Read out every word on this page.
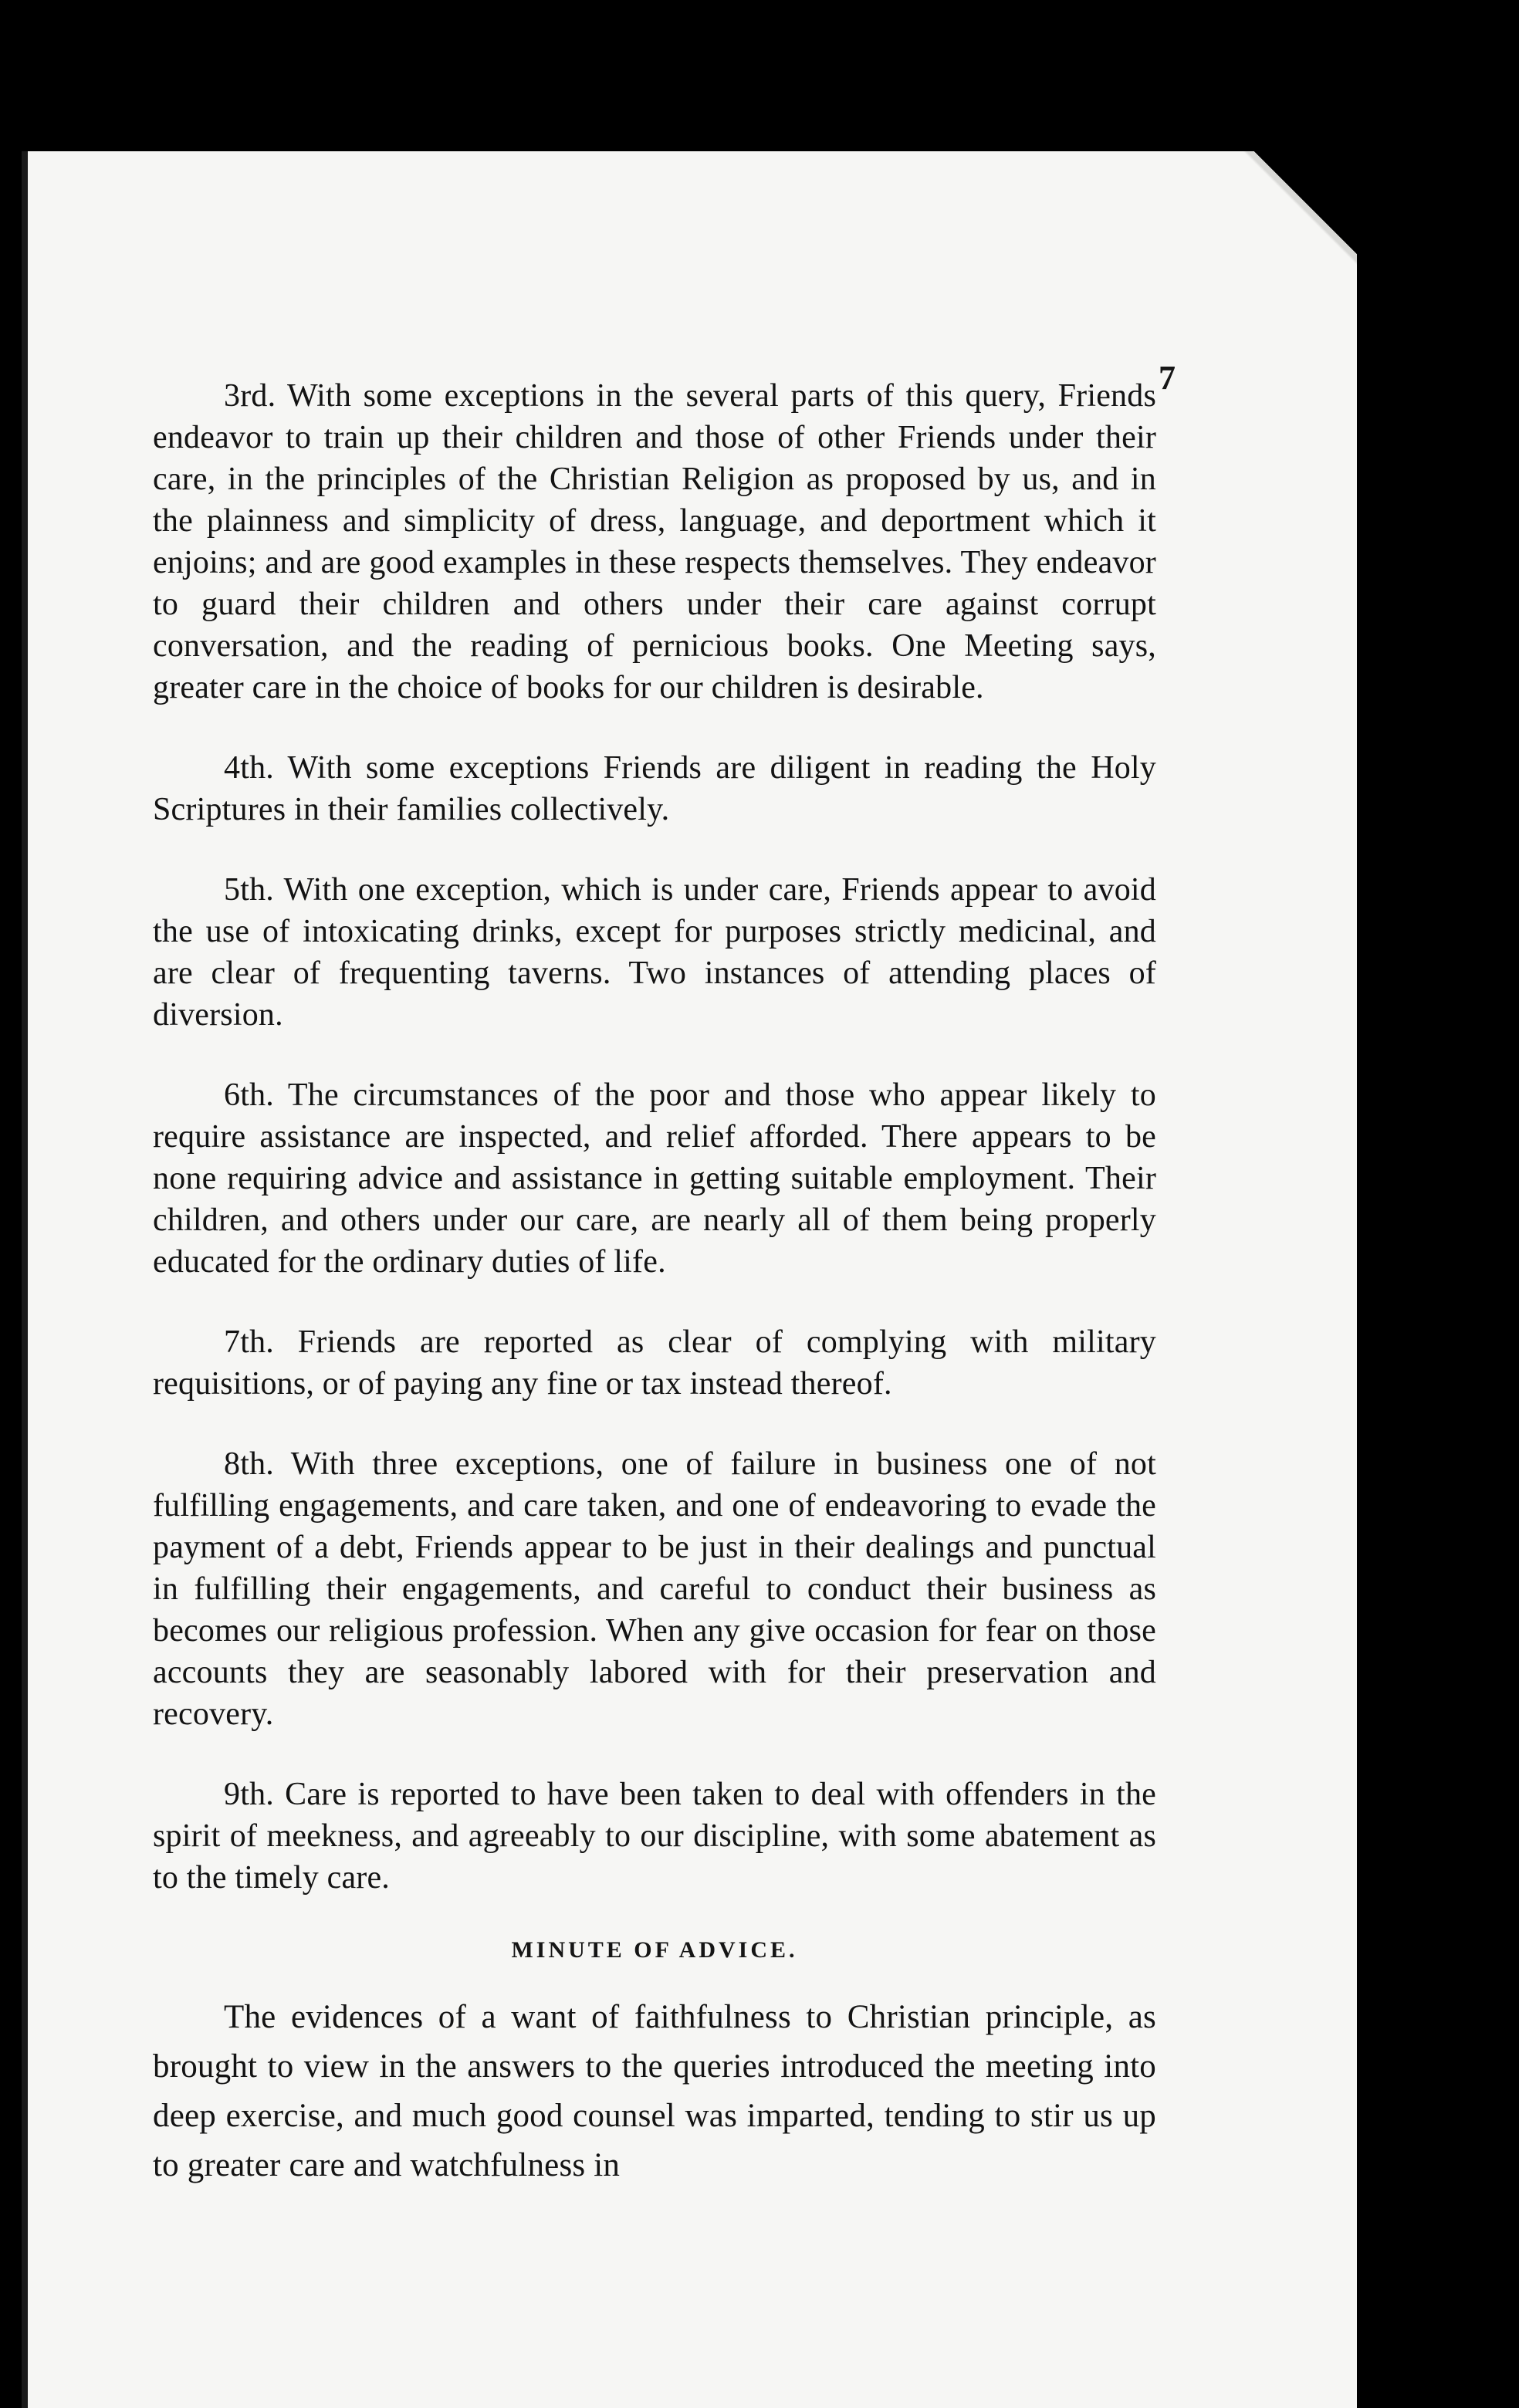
7

3rd. With some exceptions in the several parts of this query, Friends endeavor to train up their children and those of other Friends under their care, in the principles of the Christian Religion as proposed by us, and in the plainness and simplicity of dress, language, and deportment which it enjoins; and are good examples in these respects themselves. They endeavor to guard their children and others under their care against corrupt conversation, and the reading of pernicious books. One Meeting says, greater care in the choice of books for our children is desirable.

4th. With some exceptions Friends are diligent in reading the Holy Scriptures in their families collectively.

5th. With one exception, which is under care, Friends appear to avoid the use of intoxicating drinks, except for purposes strictly medicinal, and are clear of frequenting taverns. Two instances of attending places of diversion.

6th. The circumstances of the poor and those who appear likely to require assistance are inspected, and relief afforded. There appears to be none requiring advice and assistance in getting suitable employment. Their children, and others under our care, are nearly all of them being properly educated for the ordinary duties of life.

7th. Friends are reported as clear of complying with military requisitions, or of paying any fine or tax instead thereof.

8th. With three exceptions, one of failure in business one of not fulfilling engagements, and care taken, and one of endeavoring to evade the payment of a debt, Friends appear to be just in their dealings and punctual in fulfilling their engagements, and careful to conduct their business as becomes our religious profession. When any give occasion for fear on those accounts they are seasonably labored with for their preservation and recovery.

9th. Care is reported to have been taken to deal with offenders in the spirit of meekness, and agreeably to our discipline, with some abatement as to the timely care.

MINUTE OF ADVICE.

The evidences of a want of faithfulness to Christian principle, as brought to view in the answers to the queries introduced the meeting into deep exercise, and much good counsel was imparted, tending to stir us up to greater care and watchfulness in
